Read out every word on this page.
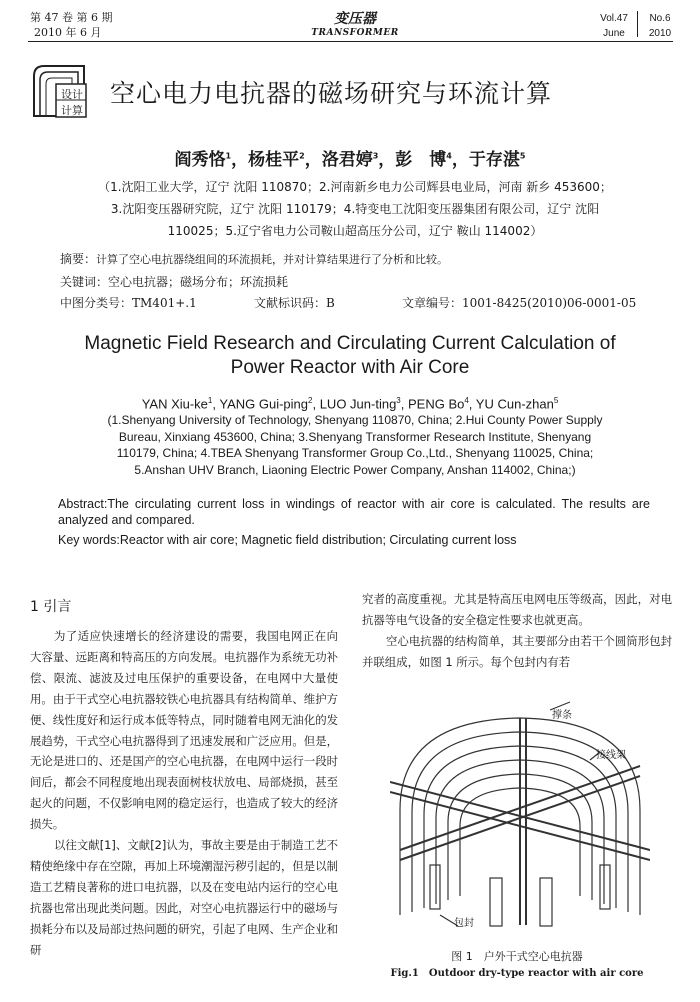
第 47 卷 第 6 期
2010 年 6 月
变压器
TRANSFORMER
Vol.47
June
No.6
2010
设计
计算
空心电力电抗器的磁场研究与环流计算
阎秀恪$^1$，杨桂平$^2$，洛君婷$^3$，彭　博$^4$，于存湛$^5$
（1.沈阳工业大学，辽宁 沈阳 110870；2.河南新乡电力公司辉县电业局，河南 新乡 453600；
3.沈阳变压器研究院，辽宁 沈阳 110179；4.特变电工沈阳变压器集团有限公司，辽宁 沈阳
110025；5.辽宁省电力公司鞍山超高压分公司，辽宁 鞍山 114002）
摘要：计算了空心电抗器绕组间的环流损耗，并对计算结果进行了分析和比较。
关键词：空心电抗器；磁场分布；环流损耗
中图分类号：TM401+.1	文献标识码：B	文章编号：1001-8425(2010)06-0001-05
Magnetic Field Research and Circulating Current Calculation of
Power Reactor with Air Core
YAN Xiu-$ke^1$, YANG Gui-ping$^2$, LUO Jun-ting$^3$, PENG Bo$^4$, YU Cun-zhan$^5$
(1.Shenyang University of Technology, Shenyang 110870, China; 2.Hui County Power Supply
Bureau, Xinxiang 453600, China; 3.Shenyang Transformer Research Institute, Shenyang
110179, China; 4.TBEA Shenyang Transformer Group Co.,Ltd., Shenyang 110025, China;
5.Anshan UHV Branch, Liaoning Electric Power Company, Anshan 114002, China;)
Abstract:The circulating current loss in windings of reactor with air core is calculated. The results are analyzed and compared.
Key words:Reactor with air core; Magnetic field distribution; Circulating current loss
1 引言

为了适应快速增长的经济建设的需要，我国电网正在向大容量、远距离和特高压的方向发展。电抗器作为系统无功补偿、限流、滤波及过电压保护的重要设备，在电网中大量使用。由于干式空心电抗器较铁心电抗器具有结构简单、维护方便、线性度好和运行成本低等特点，同时随着电网无油化的发展趋势，干式空心电抗器得到了迅速发展和广泛应用。但是，无论是进口的、还是国产的空心电抗器，在电网中运行一段时间后，都会不同程度地出现表面树枝状放电、局部烧损，甚至起火的问题，不仅影响电网的稳定运行，也造成了较大的经济损失。

以往文献[1]、文献[2]认为，事故主要是由于制造工艺不精使绝缘中存在空隙，再加上环境潮湿污秽引起的，但是以制造工艺精良著称的进口电抗器，以及在变电站内运行的空心电抗器也常出现此类问题。因此，对空心电抗器运行中的磁场与损耗分布以及局部过热问题的研究，引起了电网、生产企业和研

究者的高度重视。尤其是特高压电网电压等级高，因此，对电抗器等电气设备的安全稳定性要求也就更高。

空心电抗器的结构简单，其主要部分由若干个圆筒形包封并联组成，如图 1 所示。每个包封内有若

撑条
接线架
包封
图 1　户外干式空心电抗器
Fig.1　Outdoor dry-type reactor with air core
